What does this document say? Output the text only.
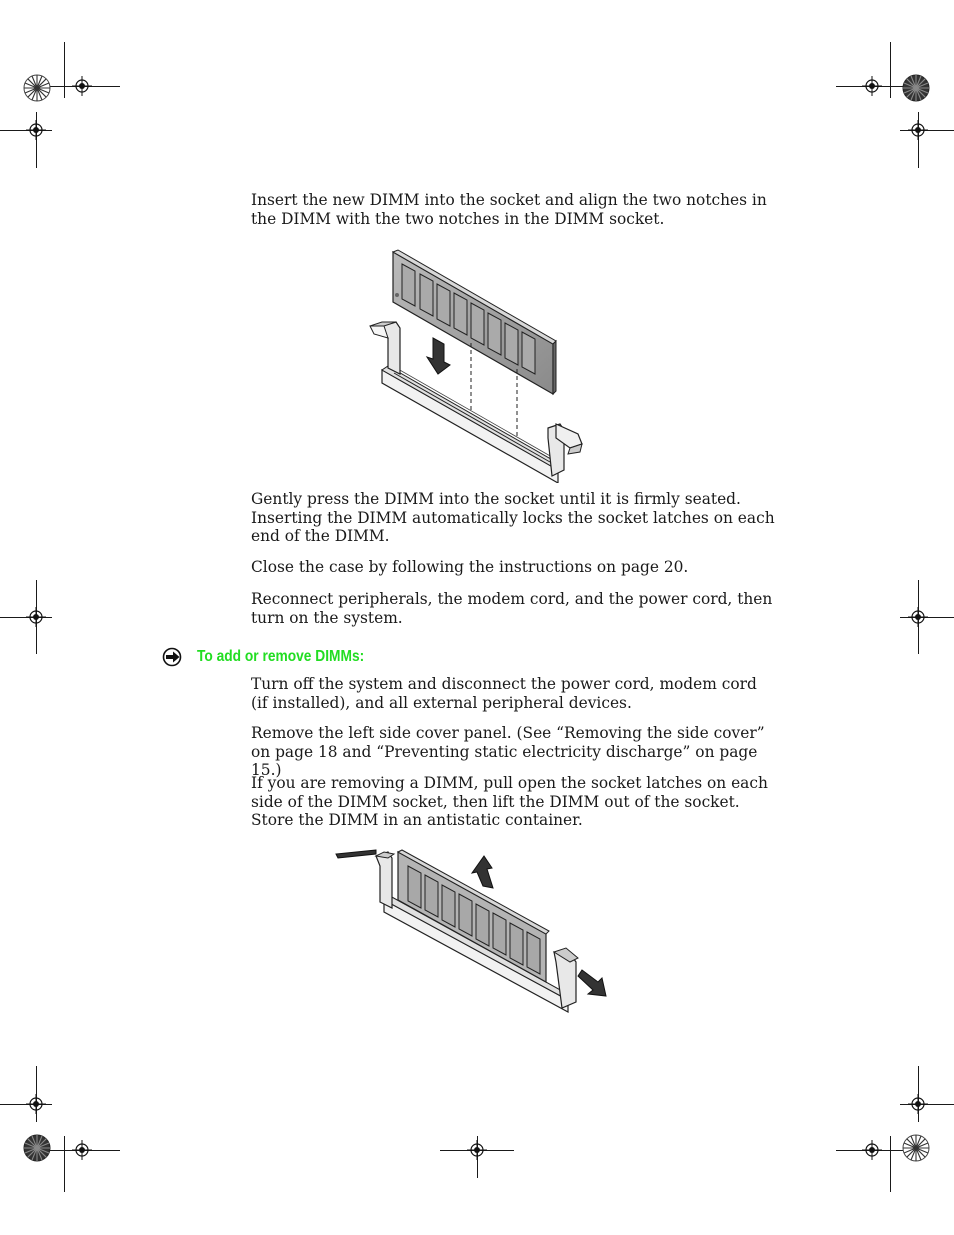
Insert the new DIMM into the socket and align the two notches in the DIMM with the two notches in the DIMM socket.

Gently press the DIMM into the socket until it is firmly seated. Inserting the DIMM automatically locks the socket latches on each end of the DIMM.

Close the case by following the instructions on page 20.

Reconnect peripherals, the modem cord, and the power cord, then turn on the system.

To add or remove DIMMs:

Turn off the system and disconnect the power cord, modem cord (if installed), and all external peripheral devices.

Remove the left side cover panel. (See “Removing the side cover” on page 18 and “Preventing static electricity discharge” on page 15.)

If you are removing a DIMM, pull open the socket latches on each side of the DIMM socket, then lift the DIMM out of the socket. Store the DIMM in an antistatic container.
